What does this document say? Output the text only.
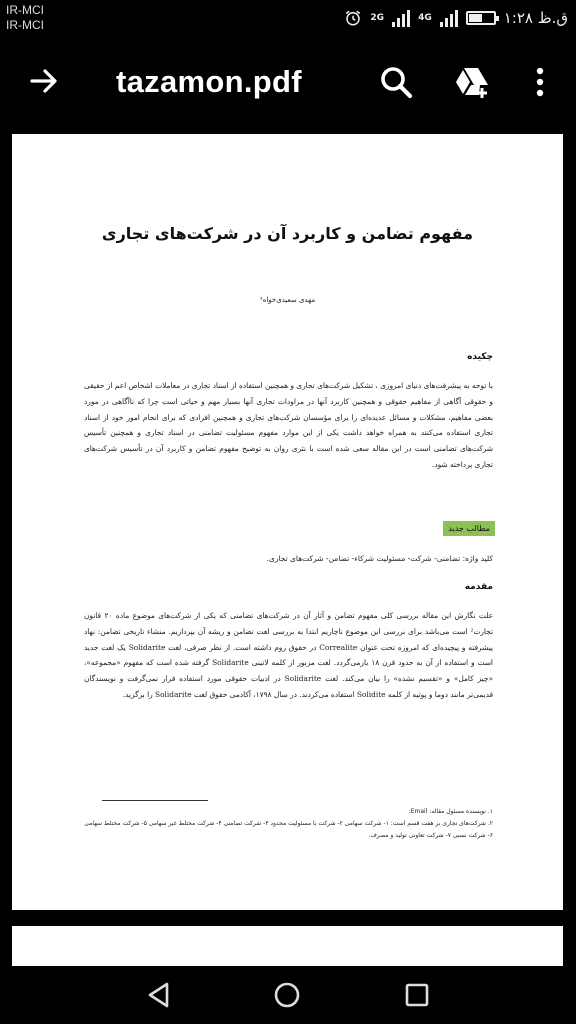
IR-MCI
IR-MCI	2G	4G	ق.ظ ۱:۲۸
tazamon.pdf
مفهوم تضامن و کاربرد آن در شرکت‌های تجاری
مهدی سعیدی‌خواه¹
چکیده
با توجه به پیشرفت‌های دنیای امروزی ، تشکیل شرکت‌های تجاری و همچنین استفاده از اسناد تجاری در معاملات اشخاص اعم از حقیقی و حقوقی آگاهی از مفاهیم حقوقی و همچنین کاربرد آنها در مراودات تجاری آنها بسیار مهم و حیاتی است چرا که ناآگاهی در مورد بعضی مفاهیم، مشکلات و مسائل عدیده‌ای را برای مؤسسان شرکت‌های تجاری و همچنین افرادی که برای انجام امور خود از اسناد تجاری استفاده می‌کنند به همراه خواهد داشت یکی از این موارد مفهوم مسئولیت تضامنی در اسناد تجاری و همچنین تأسیس شرکت‌های تضامنی است در این مقاله سعی شده است با نثری روان به توضیح مفهوم تضامن و کاربرد آن در تأسیس شرکت‌های تجاری پرداخته شود.
مطالب جدید
کلید واژه: تضامنی- شرکت- مسئولیت شرکاء- تضامن- شرکت‌های تجاری.
مقدمه
علت نگارش این مقاله بررسی کلی مفهوم تضامن و آثار آن در شرکت‌های تضامنی که یکی از شرکت‌های موضوع ماده ۲۰ قانون تجارت² است می‌باشد برای بررسی این موضوع ناچاریم ابتدا به بررسی لغت تضامن و ریشه آن بپردازیم. منشاء تاریخی تضامن: نهاد پیشرفته و پیچیده‌ای که امروزه تحت عنوان Correalite در حقوق روم داشته است. از نظر صرفی، لغت Solidarite یک لغت جدید است و استفاده از آن به حدود قرن ۱۸ بازمی‌گردد. لغت مزبور از کلمه لاتینی Solidarite گرفته شده است که مفهوم «مجموعه»، «چیز کامل» و «تقسیم نشده» را بیان می‌کند. لغت Solidarite در ادبیات حقوقی مورد استفاده قرار نمی‌گرفت و نویسندگان قدیمی‌تر مانند دوما و پوتیه از کلمه Solidite استفاده می‌کردند. در سال ۱۷۹۸، آکادمی حقوق لغت Solidarite را برگزید.
۱. نویسنده مسئول مقاله: Email:
۲. شرکت‌های تجاری بر هفت قسم است: ۱- شرکت سهامی ۲- شرکت با مسئولیت محدود ۳- شرکت تضامنی ۴- شرکت مختلط غیر سهامی ۵- شرکت مختلط سهامی ۶- شرکت نسبی ۷- شرکت تعاونی تولید و مصرف.
